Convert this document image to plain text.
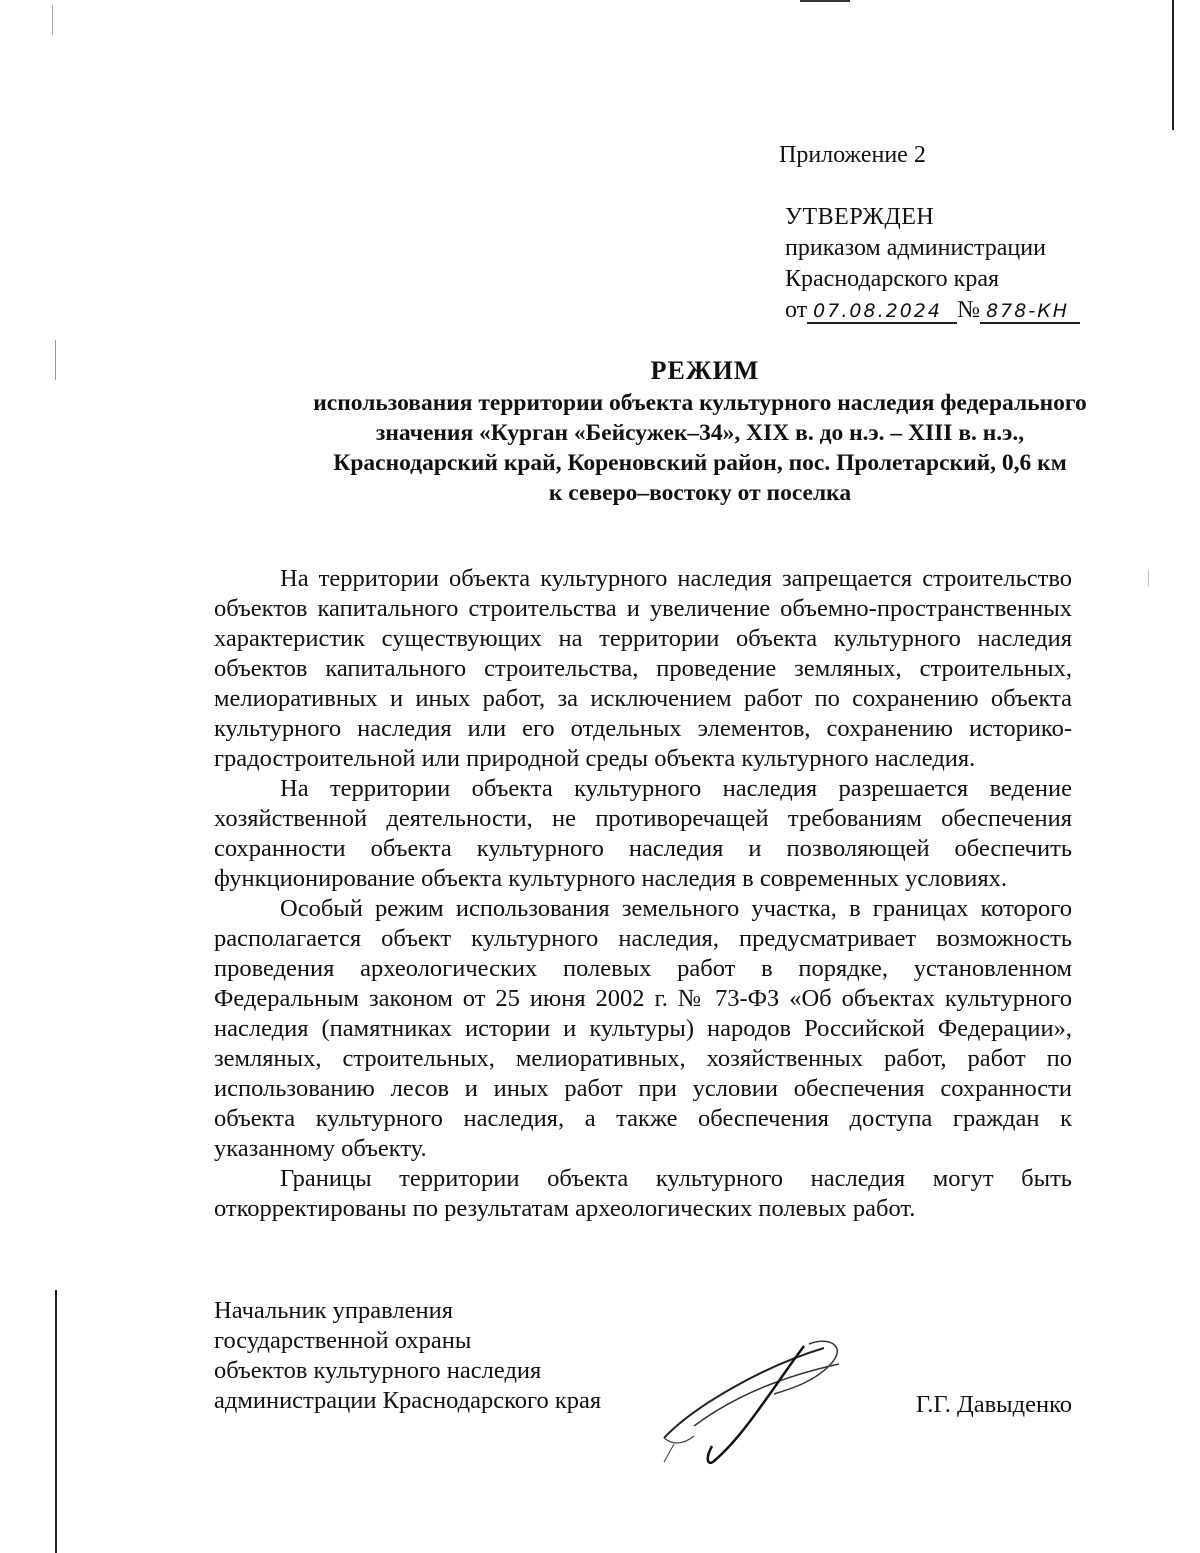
Приложение 2
УТВЕРЖДЕН
приказом администрации
Краснодарского края
от 07.08.2024 № 878-КН
РЕЖИМ
использования территории объекта культурного наследия федерального
значения «Курган «Бейсужек–34», XIX в. до н.э. – XIII в. н.э.,
Краснодарский край, Кореновский район, пос. Пролетарский, 0,6 км
к северо–востоку от поселка

На территории объекта культурного наследия запрещается строительство объектов капитального строительства и увеличение объемно-пространственных характеристик существующих на территории объекта культурного наследия объектов капитального строительства, проведение земляных, строительных, мелиоративных и иных работ, за исключением работ по сохранению объекта культурного наследия или его отдельных элементов, сохранению историко-градостроительной или природной среды объекта культурного наследия.

На территории объекта культурного наследия разрешается ведение хозяйственной деятельности, не противоречащей требованиям обеспечения сохранности объекта культурного наследия и позволяющей обеспечить функционирование объекта культурного наследия в современных условиях.

Особый режим использования земельного участка, в границах которого располагается объект культурного наследия, предусматривает возможность проведения археологических полевых работ в порядке, установленном Федеральным законом от 25 июня 2002 г. № 73-ФЗ «Об объектах культурного наследия (памятниках истории и культуры) народов Российской Федерации», земляных, строительных, мелиоративных, хозяйственных работ, работ по использованию лесов и иных работ при условии обеспечения сохранности объекта культурного наследия, а также обеспечения доступа граждан к указанному объекту.

Границы территории объекта культурного наследия могут быть откорректированы по результатам археологических полевых работ.

Начальник управления
государственной охраны
объектов культурного наследия
администрации Краснодарского края	Г.Г. Давыденко
